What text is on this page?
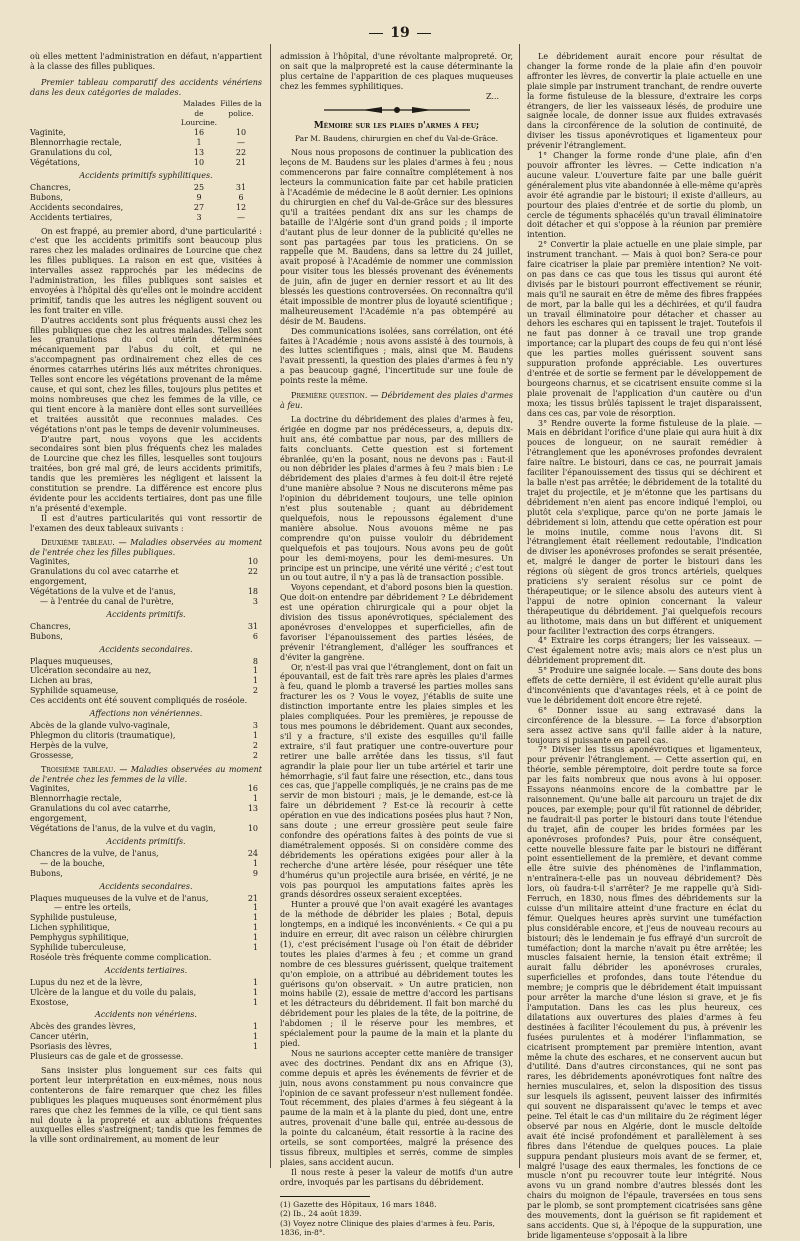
19

où elles mettent l'administration en défaut, n'appartient à la classe des filles publiques.

Premier tableau comparatif des accidents vénériens dans les deux catégories de malades.

	Malades de Lourcine.	Filles de la police.
Vaginite,	16	10
Blennorrhagie rectale,	1	—
Granulations du col,	13	22
Végétations,	10	21

Accidents primitifs syphilitiques.

Chancres,	25	31
Bubons,	9	6
Accidents secondaires,	27	12
Accidents tertiaires,	3	—

On est frappé, au premier abord, d'une particularité : c'est que les accidents primitifs sont beaucoup plus rares chez les malades ordinaires de Lourcine que chez les filles publiques. La raison en est que, visitées à intervalles assez rapprochés par les médecins de l'administration, les filles publiques sont saisies et envoyées à l'hôpital dès qu'elles ont le moindre accident primitif, tandis que les autres les négligent souvent ou les font traiter en ville.

D'autres accidents sont plus fréquents aussi chez les filles publiques que chez les autres malades. Telles sont les granulations du col utérin déterminées mécaniquement par l'abus du coït, et qui ne s'accompagnent pas ordinairement chez elles de ces énormes catarrhes utérins liés aux métrites chroniques. Telles sont encore les végétations provenant de la même cause, et qui sont, chez les filles, toujours plus petites et moins nombreuses que chez les femmes de la ville, ce qui tient encore à la manière dont elles sont surveillées et traitées aussitôt que reconnues malades. Ces végétations n'ont pas le temps de devenir volumineuses.

D'autre part, nous voyons que les accidents secondaires sont bien plus fréquents chez les malades de Lourcine que chez les filles, lesquelles sont toujours traitées, bon gré mal gré, de leurs accidents primitifs, tandis que les premières les négligent et laissent la constitution se prendre. La différence est encore plus évidente pour les accidents tertiaires, dont pas une fille n'a présenté d'exemple.

Il est d'autres particularités qui vont ressortir de l'examen des deux tableaux suivants :

Deuxième tableau. — Maladies observées au moment de l'entrée chez les filles publiques.

Vaginites,	10
Granulations du col avec catarrhe et engorgement,	22
Végétations de la vulve et de l'anus,	18
— à l'entrée du canal de l'urètre,	3

Accidents primitifs.

Chancres,	31
Bubons,	6

Accidents secondaires.

Plaques muqueuses,	8
Ulcération secondaire au nez,	1
Lichen au bras,	1
Syphilide squameuse,	2

Ces accidents ont été souvent compliqués de roséole.

Affections non vénériennes.

Abcès de la glande vulvo-vaginale,	3
Phlegmon du clitoris (traumatique),	1
Herpès de la vulve,	2
Grossesse,	2

Troisième tableau. — Maladies observées au moment de l'entrée chez les femmes de la ville.

Vaginites,	16
Blennorrhagie rectale,	1
Granulations du col avec catarrhe, engorgement,	13
Végétations de l'anus, de la vulve et du vagin,	10

Accidents primitifs.

Chancres de la vulve, de l'anus,	24
— de la bouche,	1
Bubons,	9

Accidents secondaires.

Plaques muqueuses de la vulve et de l'anus,	21
— entre les orteils,	1
Syphilide pustuleuse,	1
Lichen syphilitique,	1
Pemphygus syphilitique,	1
Syphilide tuberculeuse,	1

Roséole très fréquente comme complication.

Accidents tertiaires.

Lupus du nez et de la lèvre,	1
Ulcère de la langue et du voile du palais,	1
Exostose,	1

Accidents non vénériens.

Abcès des grandes lèvres,	1
Cancer utérin,	1
Psoriasis des lèvres,	1

Plusieurs cas de gale et de grossesse.

Sans insister plus longuement sur ces faits qui portent leur interprétation en eux-mêmes, nous nous contenterons de faire remarquer que chez les filles publiques les plaques muqueuses sont énormément plus rares que chez les femmes de la ville, ce qui tient sans nul doute à la propreté et aux ablutions fréquentes auxquelles elles s'astreignent; tandis que les femmes de la ville sont ordinairement, au moment de leur

admission à l'hôpital, d'une révoltante malpropreté. Or, on sait que la malpropreté est la cause déterminante la plus certaine de l'apparition de ces plaques muqueuses chez les femmes syphilitiques.

Z...

Mémoire sur les plaies d'armes à feu;

Par M. Baudens, chirurgien en chef du Val-de-Grâce.

Nous nous proposons de continuer la publication des leçons de M. Baudens sur les plaies d'armes à feu ; nous commencerons par faire connaître complétement à nos lecteurs la communication faite par cet habile praticien à l'Académie de médecine le 8 août dernier. Les opinions du chirurgien en chef du Val-de-Grâce sur des blessures qu'il a traitées pendant dix ans sur les champs de bataille de l'Algérie sont d'un grand poids ; il importe d'autant plus de leur donner de la publicité qu'elles ne sont pas partagées par tous les praticiens. On se rappelle que M. Baudens, dans sa lettre du 24 juillet, avait proposé à l'Académie de nommer une commission pour visiter tous les blessés provenant des événements de juin, afin de juger en dernier ressort et au lit des blessés les questions controversées. On reconnaîtra qu'il était impossible de montrer plus de loyauté scientifique ; malheureusement l'Académie n'a pas obtempéré au désir de M. Baudens.

Des communications isolées, sans corrélation, ont été faites à l'Académie ; nous avons assisté à des tournois, à des luttes scientifiques ; mais, ainsi que M. Baudens l'avait pressenti, la question des plaies d'armes à feu n'y a pas beaucoup gagné, l'incertitude sur une foule de points reste la même.

Première question. — Débridement des plaies d'armes à feu.

La doctrine du débridement des plaies d'armes à feu, érigée en dogme par nos prédécesseurs, a, depuis dix-huit ans, été combattue par nous, par des milliers de faits concluants. Cette question est si fortement ébranlée, qu'en la posant, nous ne devons pas : Faut-il ou non débrider les plaies d'armes à feu ? mais bien : Le débridement des plaies d'armes à feu doit-il être rejeté d'une manière absolue ? Nous ne discuterons même pas l'opinion du débridement toujours, une telle opinion n'est plus soutenable ; quant au débridement quelquefois, nous le repoussons également d'une manière absolue. Nous avouons même ne pas comprendre qu'on puisse vouloir du débridement quelquefois et pas toujours. Nous avons peu de goût pour les demi-moyens, pour les demi-mesures. Un principe est un principe, une vérité une vérité ; c'est tout un ou tout autre, il n'y a pas là de transaction possible.

Voyons cependant, et d'abord posons bien la question. Que doit-on entendre par débridement ? Le débridement est une opération chirurgicale qui a pour objet la division des tissus aponévrotiques, spécialement des aponévroses d'enveloppes et superficielles, afin de favoriser l'épanouissement des parties lésées, de prévenir l'étranglement, d'alléger les souffrances et d'éviter la gangrène.

Or, n'est-il pas vrai que l'étranglement, dont on fait un épouvantail, est de fait très rare après les plaies d'armes à feu, quand le plomb a traversé les parties molles sans fracturer les os ? Vous le voyez, j'établis de suite une distinction importante entre les plaies simples et les plaies compliquées. Pour les premières, je repousse de tous mes poumons le débridement. Quant aux secondes, s'il y a fracture, s'il existe des esquilles qu'il faille extraire, s'il faut pratiquer une contre-ouverture pour retirer une balle arrêtée dans les tissus, s'il faut agrandir la plaie pour lier un tube artériel et tarir une hémorrhagie, s'il faut faire une résection, etc., dans tous ces cas, que j'appelle compliqués, je ne crains pas de me servir de mon bistouri ; mais, je le demande, est-ce là faire un débridement ? Est-ce là recourir à cette opération en vue des indications posées plus haut ? Non, sans doute ; une erreur grossière peut seule faire confondre des opérations faites à des points de vue si diamétralement opposés. Si on considère comme des débridements les opérations exigées pour aller à la recherche d'une artère lésée, pour réséquer une tête d'humérus qu'un projectile aura brisée, en vérité, je ne vois pas pourquoi les amputations faites après les grands désordres osseux seraient exceptées.

Hunter a prouvé que l'on avait exagéré les avantages de la méthode de débrider les plaies ; Botal, depuis longtemps, en a indiqué les inconvénients. « Ce qui a pu induire en erreur, dit avec raison un célèbre chirurgien (1), c'est précisément l'usage où l'on était de débrider toutes les plaies d'armes à feu ; et comme un grand nombre de ces blessures guérissent, quelque traitement qu'on emploie, on a attribué au débridement toutes les guérisons qu'on observait. » Un autre praticien, non moins habile (2), essaie de mettre d'accord les partisans et les détracteurs du débridement. Il fait bon marché du débridement pour les plaies de la tête, de la poitrine, de l'abdomen ; il le réserve pour les membres, et spécialement pour la paume de la main et la plante du pied.

Nous ne saurions accepter cette manière de transiger avec des doctrines. Pendant dix ans en Afrique (3), comme depuis et après les événements de février et de juin, nous avons constamment pu nous convaincre que l'opinion de ce savant professeur n'est nullement fondée. Tout récemment, des plaies d'armes à feu siégeant à la paume de la main et à la plante du pied, dont une, entre autres, provenait d'une balle qui, entrée au-dessous de la pointe du calcanéum, était ressortie à la racine des orteils, se sont comportées, malgré la présence des tissus fibreux, multiples et serrés, comme de simples plaies, sans accident aucun.

Il nous reste à peser la valeur de motifs d'un autre ordre, invoqués par les partisans du débridement.

(1) Gazette des Hôpitaux, 16 mars 1848.

(2) Ib., 24 août 1839.

(3) Voyez notre Clinique des plaies d'armes à feu. Paris, 1836, in-8°.

Le débridement aurait encore pour résultat de changer la forme ronde de la plaie afin d'en pouvoir affronter les lèvres, de convertir la plaie actuelle en une plaie simple par instrument tranchant, de rendre ouverte la forme fistuleuse de la blessure, d'extraire les corps étrangers, de lier les vaisseaux lésés, de produire une saignée locale, de donner issue aux fluides extravasés dans la circonférence de la solution de continuité, de diviser les tissus aponévrotiques et ligamenteux pour prévenir l'étranglement.

1° Changer la forme ronde d'une plaie, afin d'en pouvoir affronter les lèvres. — Cette indication n'a aucune valeur. L'ouverture faite par une balle guérit généralement plus vite abandonnée à elle-même qu'après avoir été agrandie par le bistouri; il existe d'ailleurs, au pourtour des plaies d'entrée et de sortie du plomb, un cercle de téguments sphacélés qu'un travail éliminatoire doit détacher et qui s'oppose à la réunion par première intention.

2° Convertir la plaie actuelle en une plaie simple, par instrument tranchant. — Mais à quoi bon? Sera-ce pour faire cicatriser la plaie par première intention? Ne voit-on pas dans ce cas que tous les tissus qui auront été divisés par le bistouri pourront effectivement se réunir, mais qu'il ne saurait en être de même des fibres frappées de mort, par la balle qui les a déchirées, et qu'il faudra un travail éliminatoire pour détacher et chasser au dehors les eschares qui en tapissent le trajet. Toutefois il ne faut pas donner à ce travail une trop grande importance; car la plupart des coups de feu qui n'ont lésé que les parties molles guérissent souvent sans suppuration profonde appréciable. Les ouvertures d'entrée et de sortie se ferment par le développement de bourgeons charnus, et se cicatrisent ensuite comme si la plaie provenait de l'application d'un cautère ou d'un moxa; les tissus brûlés tapissent le trajet disparaissent, dans ces cas, par voie de résorption.

3° Rendre ouverte la forme fistuleuse de la plaie. — Mais en débridant l'orifice d'une plaie qui aura huit à dix pouces de longueur, on ne saurait remédier à l'étranglement que les aponévroses profondes devraient faire naître. Le bistouri, dans ce cas, ne pourrait jamais faciliter l'épanouissement des tissus qui se déchirent et la balle n'est pas arrêtée; le débridement de la totalité du trajet du projectile, et je m'étonne que les partisans du débridement n'en aient pas encore indiqué l'emploi, ou plutôt cela s'explique, parce qu'on ne porte jamais le débridement si loin, attendu que cette opération est pour le moins inutile, comme nous l'avons dit. Si l'étranglement était réellement redoutable, l'indication de diviser les aponévroses profondes se serait présentée, et, malgré le danger de porter le bistouri dans les régions où siègent de gros troncs artériels, quelques praticiens s'y seraient résolus sur ce point de thérapeutique; or le silence absolu des auteurs vient à l'appui de notre opinion concernant la valeur thérapeutique du débridement. J'ai quelquefois recours au lithotome, mais dans un but différent et uniquement pour faciliter l'extraction des corps étrangers.

4° Extraire les corps étrangers; lier les vaisseaux. — C'est également notre avis; mais alors ce n'est plus un débridement proprement dit.

5° Produire une saignée locale. — Sans doute des bons effets de cette dernière, il est évident qu'elle aurait plus d'inconvénients que d'avantages réels, et à ce point de vue le débridement doit encore être rejeté.

6° Donner issue au sang extravasé dans la circonférence de la blessure. — La force d'absorption sera assez active sans qu'il faille aider à la nature, toujours si puissante en pareil cas.

7° Diviser les tissus aponévrotiques et ligamenteux, pour prévenir l'étranglement. — Cette assertion qui, en théorie, semble péremptoire, doit perdre toute sa force par les faits nombreux que nous avons à lui opposer. Essayons néanmoins encore de la combattre par le raisonnement. Qu'une balle ait parcouru un trajet de dix pouces, par exemple; pour qu'il fût rationnel de débrider, ne faudrait-il pas porter le bistouri dans toute l'étendue du trajet, afin de couper les brides formées par les aponévroses profondes? Puis, pour être conséquent, cette nouvelle blessure faite par le bistouri ne différant point essentiellement de la première, et devant comme elle être suivie des phénomènes de l'inflammation, n'entraînera-t-elle pas un nouveau débridement? Dès lors, où faudra-t-il s'arrêter? Je me rappelle qu'à Sidi-Ferruch, en 1830, nous fîmes des débridements sur la cuisse d'un militaire atteint d'une fracture en éclat du fémur. Quelques heures après survint une tuméfaction plus considérable encore, et j'eus de nouveau recours au bistouri; dès le lendemain je fus effrayé d'un surcroît de tuméfaction; dont la marche n'avait pu être arrêtée; les muscles faisaient hernie, la tension était extrême; il aurait fallu débrider les aponévroses crurales, superficielles et profondes, dans toute l'étendue du membre; je compris que le débridement était impuissant pour arrêter la marche d'une lésion si grave, et je fis l'amputation. Dans les cas les plus heureux, ces dilatations aux ouvertures des plaies d'armes à feu destinées à faciliter l'écoulement du pus, à prévenir les fusées purulentes et à modérer l'inflammation, se cicatrisent promptement par première intention, avant même la chute des eschares, et ne conservent aucun but d'utilité. Dans d'autres circonstances, qui ne sont pas rares, les débridements aponévrotiques font naître des hernies musculaires, et, selon la disposition des tissus sur lesquels ils agissent, peuvent laisser des infirmités qui souvent ne disparaissent qu'avec le temps et avec peine. Tel était le cas d'un militaire du 2e régiment léger observé par nous en Algérie, dont le muscle deltoïde avait été incisé profondément et parallèlement à ses fibres dans l'étendue de quelques pouces. La plaie suppura pendant plusieurs mois avant de se fermer, et, malgré l'usage des eaux thermales, les fonctions de ce muscle n'ont pu recouvrer toute leur intégrité. Nous avons vu un grand nombre d'autres blessés dont les chairs du moignon de l'épaule, traversées en tous sens par le plomb, se sont promptement cicatrisées sans gêne des mouvements, dont la guérison se fit rapidement et sans accidents. Que si, à l'époque de la suppuration, une bride ligamenteuse s'opposait à la libre
